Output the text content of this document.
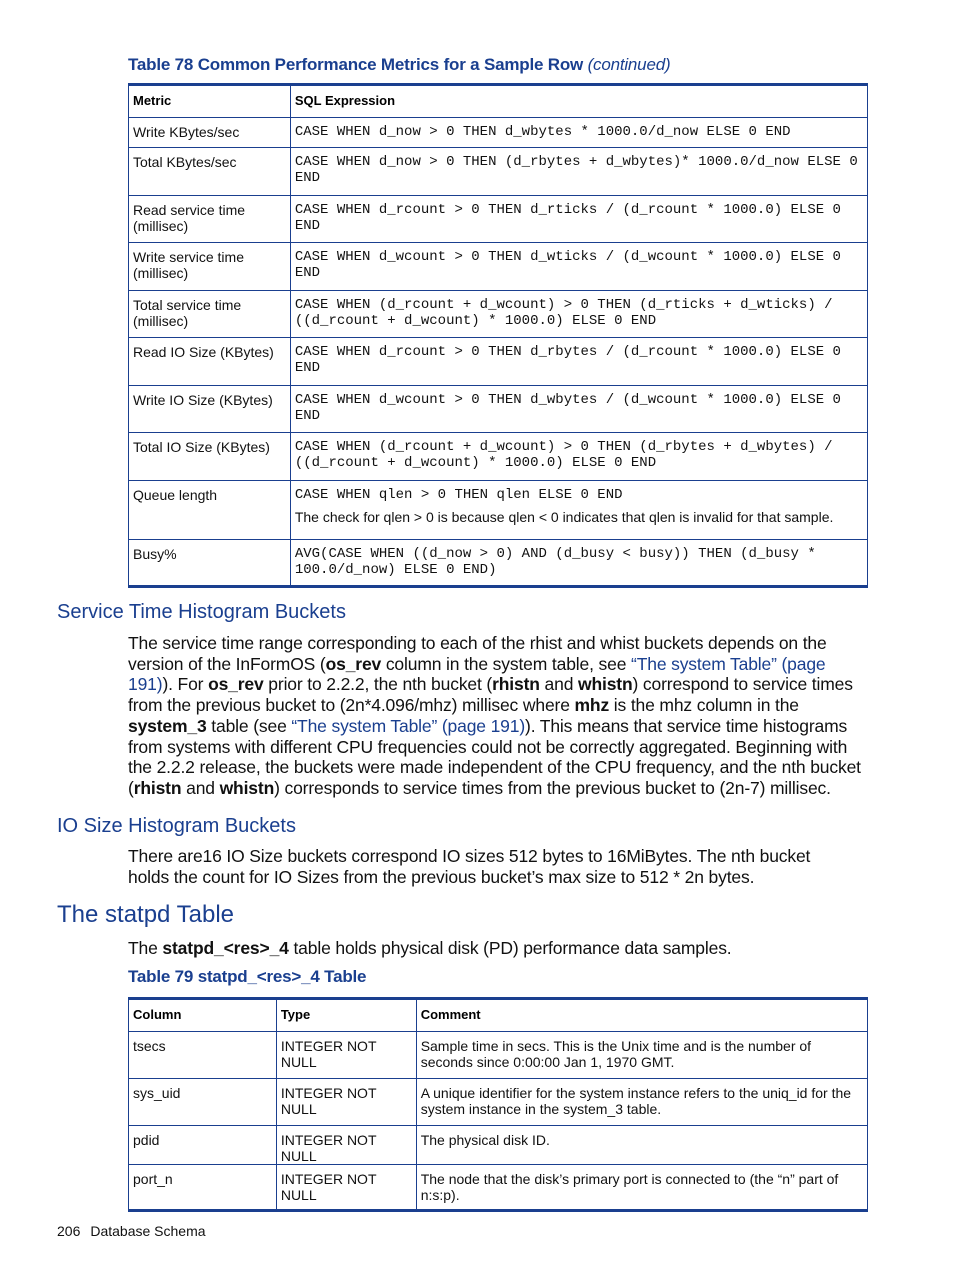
Table 78 Common Performance Metrics for a Sample Row (continued)
Metric	SQL Expression
Write KBytes/sec	CASE WHEN d_now > 0 THEN d_wbytes * 1000.0/d_now ELSE 0 END
Total KBytes/sec	CASE WHEN d_now > 0 THEN (d_rbytes + d_wbytes)* 1000.0/d_now ELSE 0 END
Read service time (millisec)	CASE WHEN d_rcount > 0 THEN d_rticks / (d_rcount * 1000.0) ELSE 0 END
Write service time (millisec)	CASE WHEN d_wcount > 0 THEN d_wticks / (d_wcount * 1000.0) ELSE 0 END
Total service time (millisec)	CASE WHEN (d_rcount + d_wcount) > 0 THEN (d_rticks + d_wticks) / ((d_rcount + d_wcount) * 1000.0) ELSE 0 END
Read IO Size (KBytes)	CASE WHEN d_rcount > 0 THEN d_rbytes / (d_rcount * 1000.0) ELSE 0 END
Write IO Size (KBytes)	CASE WHEN d_wcount > 0 THEN d_wbytes / (d_wcount * 1000.0) ELSE 0 END
Total IO Size (KBytes)	CASE WHEN (d_rcount + d_wcount) > 0 THEN (d_rbytes + d_wbytes) / ((d_rcount + d_wcount) * 1000.0) ELSE 0 END
Queue length	CASE WHEN qlen > 0 THEN qlen ELSE 0 END
The check for qlen > 0 is because qlen < 0 indicates that qlen is invalid for that sample.

Busy%	AVG(CASE WHEN ((d_now > 0) AND (d_busy < busy)) THEN (d_busy * 100.0/d_now) ELSE 0 END)
Service Time Histogram Buckets
The service time range corresponding to each of the rhist and whist buckets depends on the version of the InFormOS (os_rev column in the system table, see “The system Table” (page 191)). For os_rev prior to 2.2.2, the nth bucket (rhistn and whistn) correspond to service times from the previous bucket to (2n*4.096/mhz) millisec where mhz is the mhz column in the system_3 table (see “The system Table” (page 191)). This means that service time histograms from systems with different CPU frequencies could not be correctly aggregated. Beginning with the 2.2.2 release, the buckets were made independent of the CPU frequency, and the nth bucket (rhistn and whistn) corresponds to service times from the previous bucket to (2n-7) millisec.
IO Size Histogram Buckets
There are16 IO Size buckets correspond IO sizes 512 bytes to 16MiBytes. The nth bucket holds the count for IO Sizes from the previous bucket’s max size to 512 * 2n bytes.
The statpd Table
The statpd_<res>_4 table holds physical disk (PD) performance data samples.
Table 79 statpd_<res>_4 Table
Column	Type	Comment
tsecs	INTEGER NOT NULL	Sample time in secs. This is the Unix time and is the number of seconds since 0:00:00 Jan 1, 1970 GMT.
sys_uid	INTEGER NOT NULL	A unique identifier for the system instance refers to the uniq_id for the system instance in the system_3 table.
pdid	INTEGER NOT NULL	The physical disk ID.
port_n	INTEGER NOT NULL	The node that the disk’s primary port is connected to (the “n” part of n:s:p).
206 Database Schema
